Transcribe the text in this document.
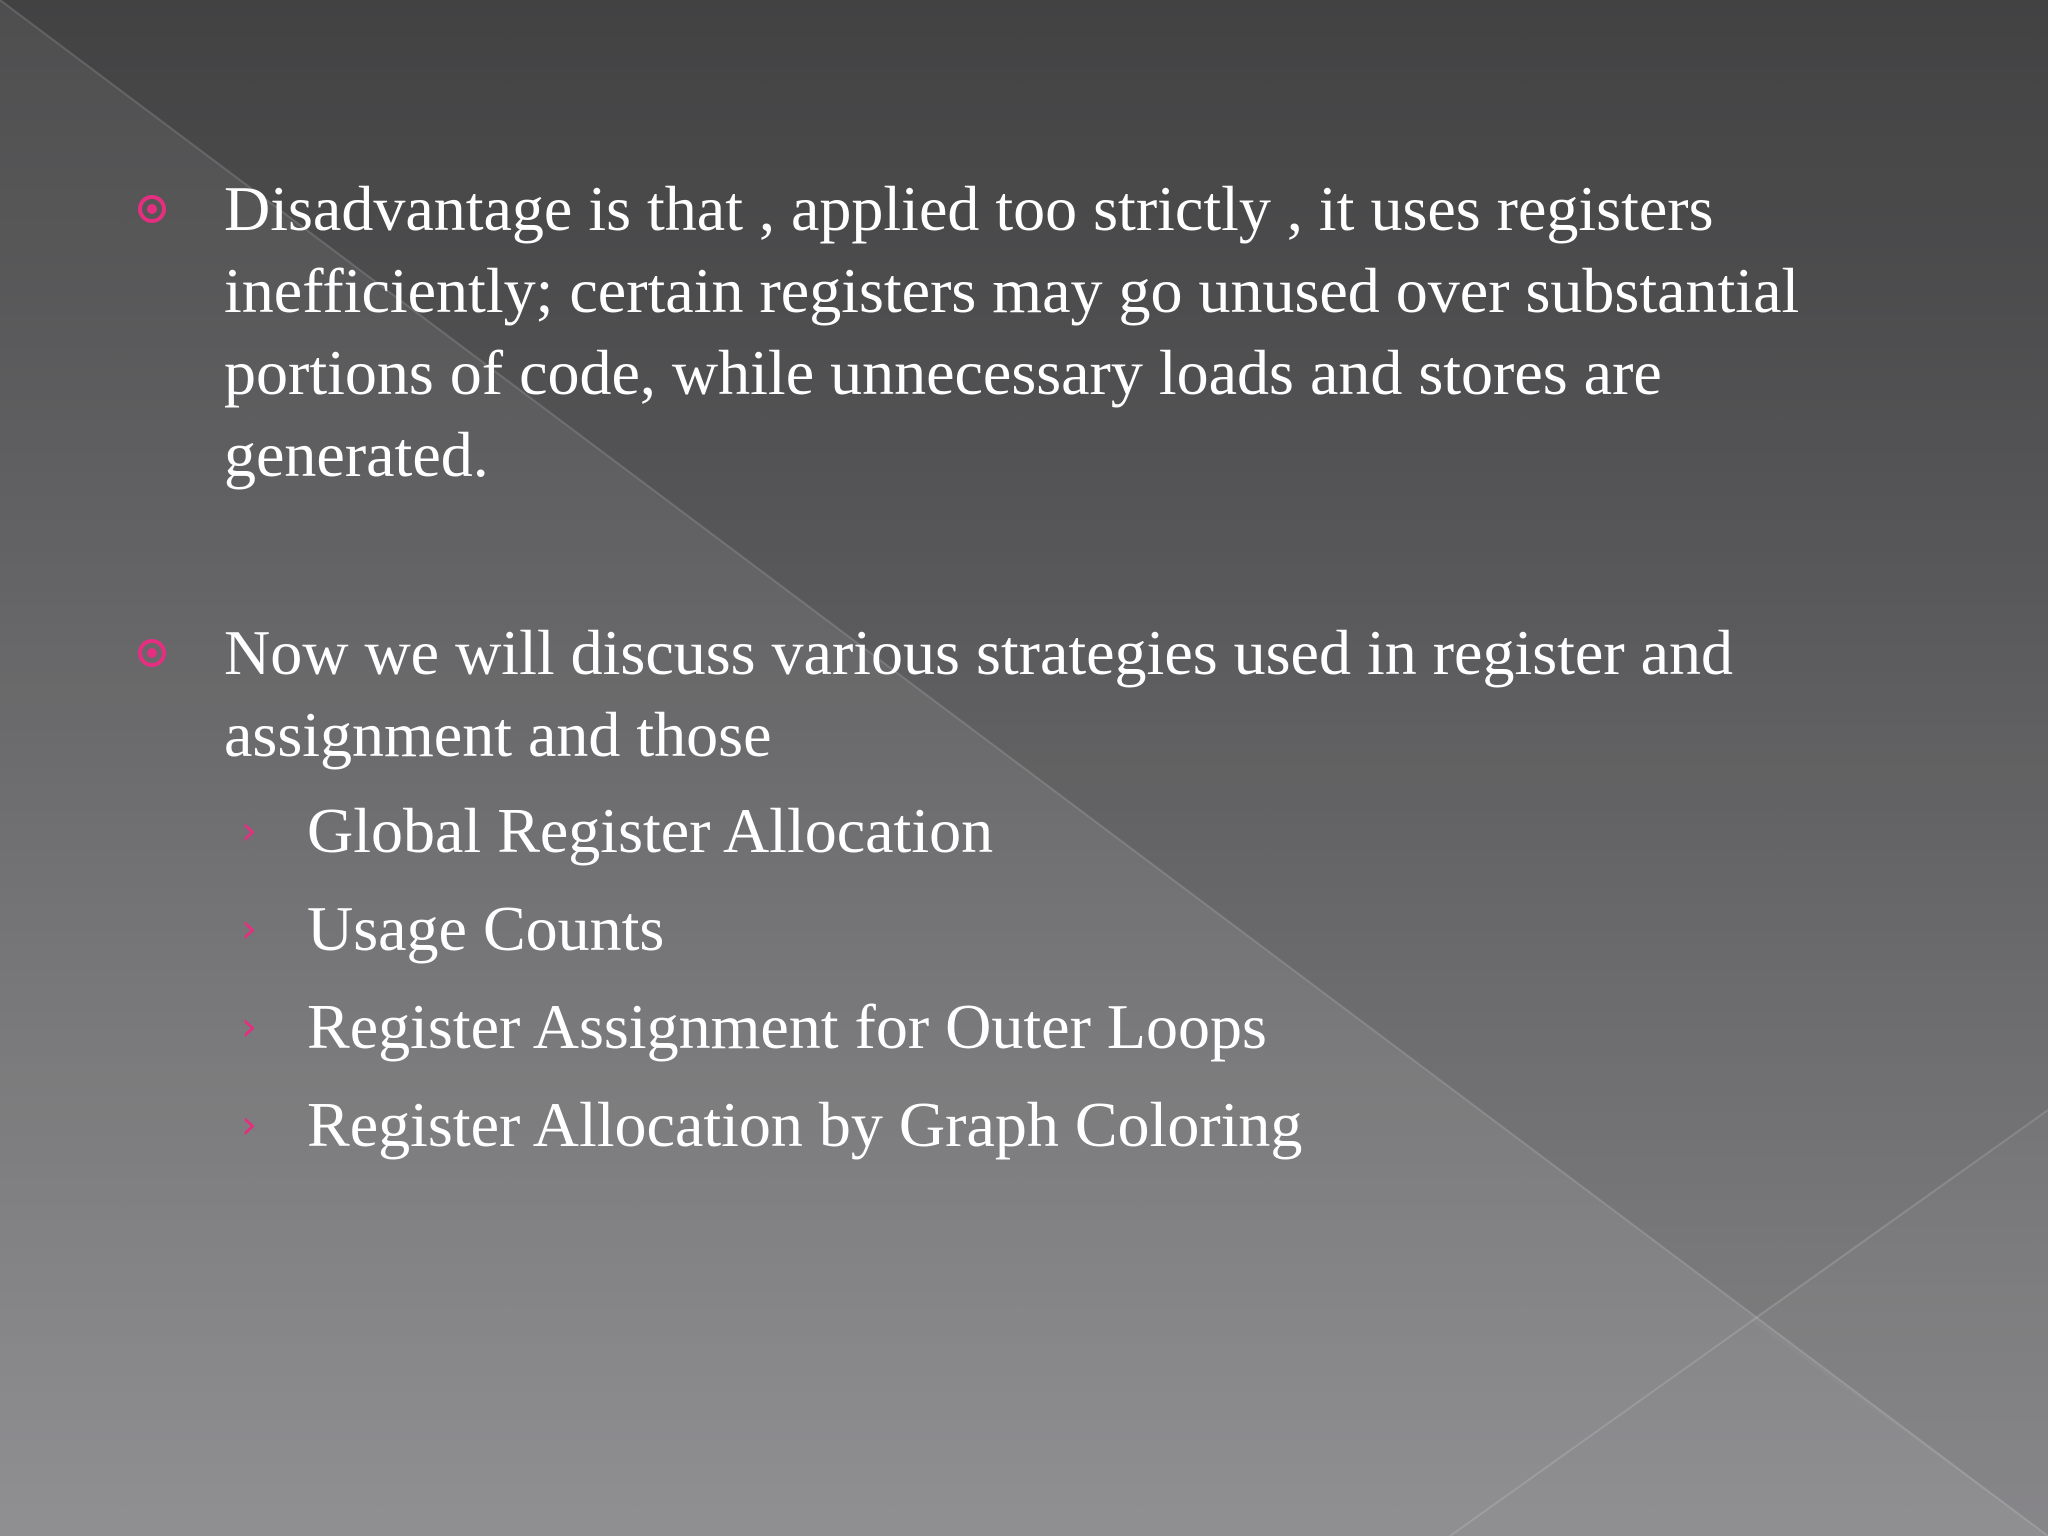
Disadvantage is that , applied too strictly , it uses registers inefficiently; certain registers may go unused over substantial portions of code, while unnecessary loads and stores are generated.
Now we will discuss various strategies used in register and assignment and those
› Global Register Allocation
› Usage Counts
› Register Assignment for Outer Loops
› Register Allocation by Graph Coloring
